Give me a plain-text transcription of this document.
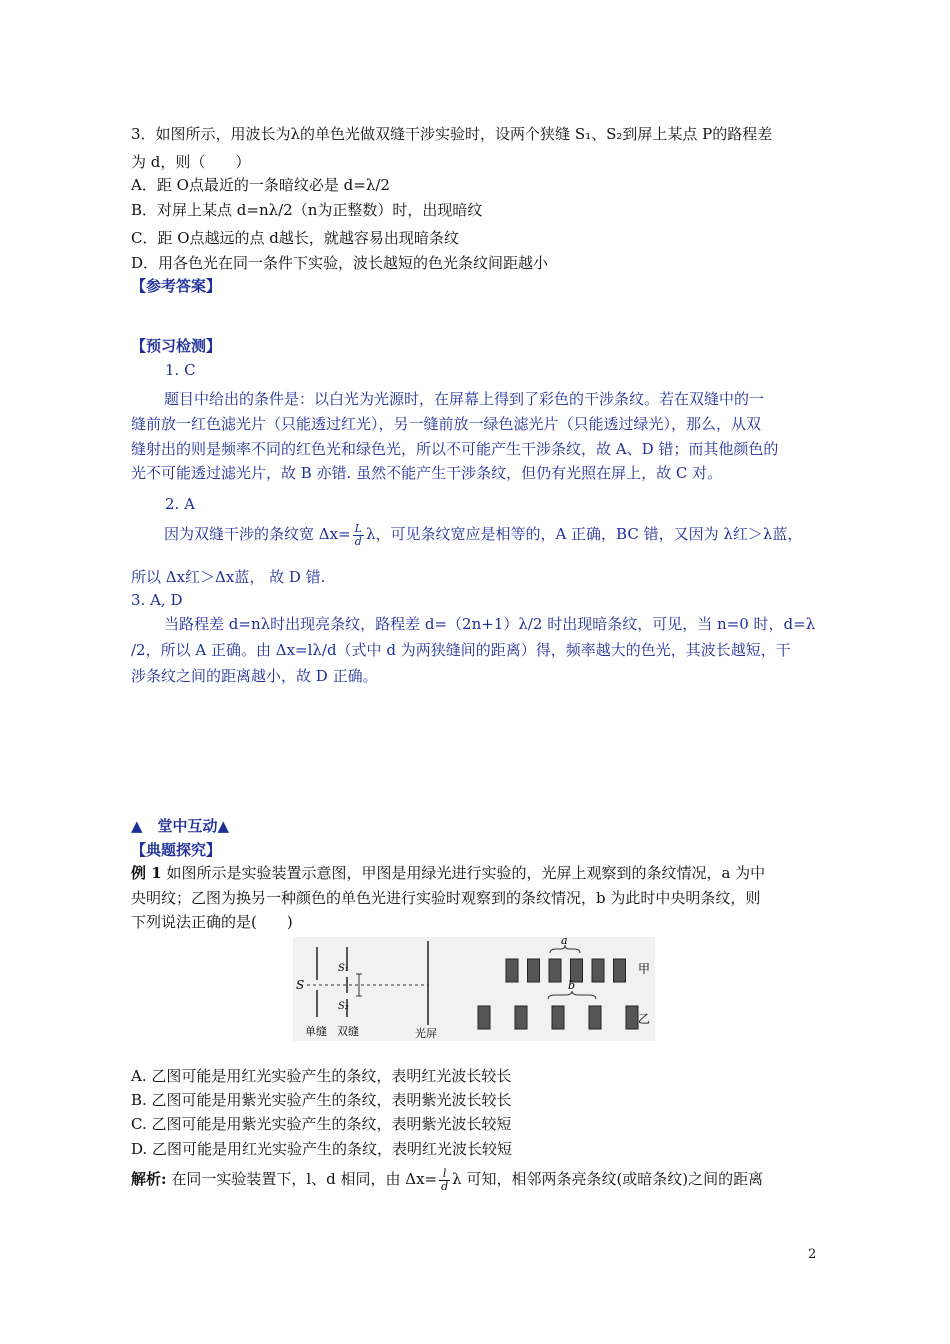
3．如图所示，用波长为λ的单色光做双缝干涉实验时，设两个狭缝 S₁、S₂到屏上某点 P的路程差
为 d，则（　　）
A．距 O点最近的一条暗纹必是 d=λ/2
B．对屏上某点 d=nλ/2（n为正整数）时，出现暗纹
C．距 O点越远的点 d越长，就越容易出现暗条纹
D．用各色光在同一条件下实验，波长越短的色光条纹间距越小
【参考答案】
【预习检测】
1. C
题目中给出的条件是：以白光为光源时，在屏幕上得到了彩色的干涉条纹。若在双缝中的一
缝前放一红色滤光片（只能透过红光），另一缝前放一绿色滤光片（只能透过绿光），那么，从双
缝射出的则是频率不同的红色光和绿色光，所以不可能产生干涉条纹，故 A、D 错；而其他颜色的
光不可能透过滤光片，故 B 亦错. 虽然不能产生干涉条纹，但仍有光照在屏上，故 C 对。
2. A
因为双缝干涉的条纹宽 $\Delta x= \frac{L}{d}$ λ，可见条纹宽应是相等的，A 正确，BC 错，又因为 λ红＞λ蓝，
所以 Δx红＞Δx蓝， 故 D 错.
3. A, D
当路程差 d=nλ时出现亮条纹，路程差 d=（2n+1）λ/2 时出现暗条纹，可见，当 n=0 时，d=λ
/2，所以 A 正确。由 Δx=lλ/d（式中 d 为两狭缝间的距离）得，频率越大的色光，其波长越短，干
涉条纹之间的距离越小，故 D 正确。
▲　堂中互动▲
【典题探究】
例 1 如图所示是实验装置示意图，甲图是用绿光进行实验的，光屏上观察到的条纹情况，a 为中
央明纹；乙图为换另一种颜色的单色光进行实验时观察到的条纹情况，b 为此时中央明条纹，则
下列说法正确的是(　　)
S
S₁
S₂
单缝 双缝	光屏
a
b
甲
乙
A. 乙图可能是用红光实验产生的条纹，表明红光波长较长
B. 乙图可能是用紫光实验产生的条纹，表明紫光波长较长
C. 乙图可能是用紫光实验产生的条纹，表明紫光波长较短
D. 乙图可能是用红光实验产生的条纹，表明红光波长较短
解析: 在同一实验装置下，l、d 相同，由 $\Delta x= \frac{l}{d}$ λ 可知，相邻两条亮条纹(或暗条纹)之间的距离
2
